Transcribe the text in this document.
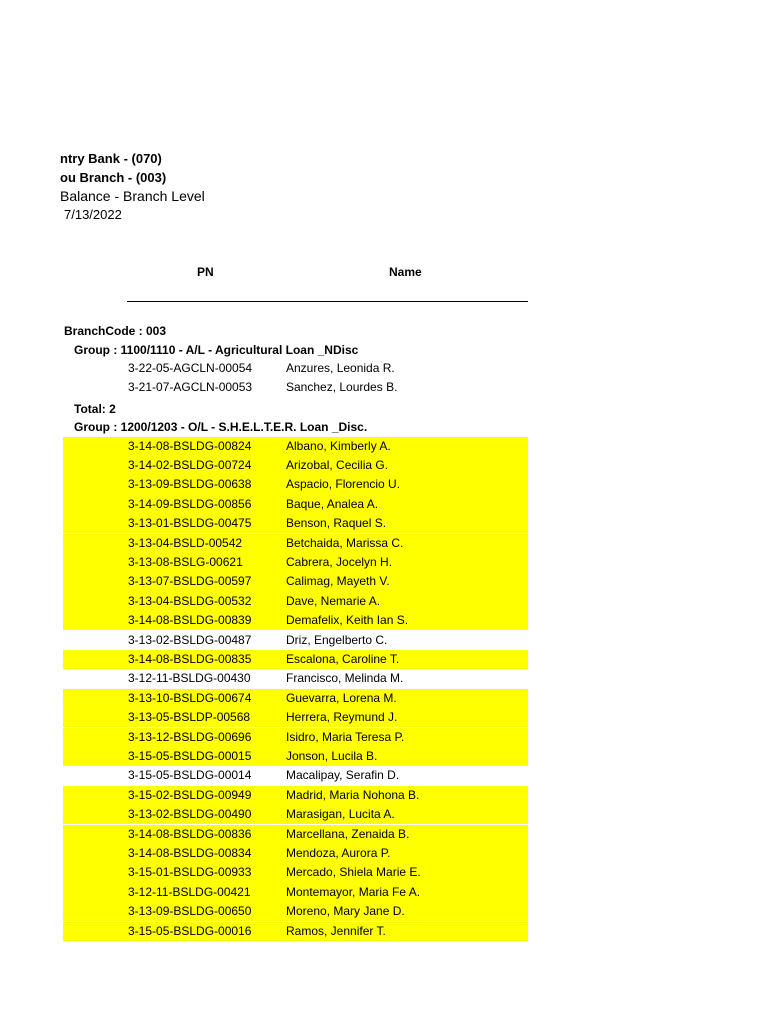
ntry Bank - (070)
ou Branch - (003)
Balance - Branch Level
7/13/2022
PN	Name
BranchCode : 003
Group : 1100/1110 - A/L - Agricultural Loan _NDisc
3-22-05-AGCLN-00054	Anzures, Leonida R.
3-21-07-AGCLN-00053	Sanchez, Lourdes B.
Total: 2
Group : 1200/1203 - O/L - S.H.E.L.T.E.R. Loan _Disc.
3-14-08-BSLDG-00824	Albano, Kimberly A.
3-14-02-BSLDG-00724	Arizobal, Cecilia G.
3-13-09-BSLDG-00638	Aspacio, Florencio U.
3-14-09-BSLDG-00856	Baque, Analea A.
3-13-01-BSLDG-00475	Benson, Raquel S.
3-13-04-BSLD-00542	Betchaida, Marissa C.
3-13-08-BSLG-00621	Cabrera, Jocelyn H.
3-13-07-BSLDG-00597	Calimag, Mayeth V.
3-13-04-BSLDG-00532	Dave, Nemarie A.
3-14-08-BSLDG-00839	Demafelix, Keith Ian S.
3-13-02-BSLDG-00487	Driz, Engelberto C.
3-14-08-BSLDG-00835	Escalona, Caroline T.
3-12-11-BSLDG-00430	Francisco, Melinda M.
3-13-10-BSLDG-00674	Guevarra, Lorena M.
3-13-05-BSLDP-00568	Herrera, Reymund J.
3-13-12-BSLDG-00696	Isidro, Maria Teresa P.
3-15-05-BSLDG-00015	Jonson, Lucila B.
3-15-05-BSLDG-00014	Macalipay, Serafin D.
3-15-02-BSLDG-00949	Madrid, Maria Nohona B.
3-13-02-BSLDG-00490	Marasigan, Lucita A.
3-14-08-BSLDG-00836	Marcellana, Zenaida B.
3-14-08-BSLDG-00834	Mendoza, Aurora P.
3-15-01-BSLDG-00933	Mercado, Shiela Marie E.
3-12-11-BSLDG-00421	Montemayor, Maria Fe A.
3-13-09-BSLDG-00650	Moreno, Mary Jane D.
3-15-05-BSLDG-00016	Ramos, Jennifer T.
